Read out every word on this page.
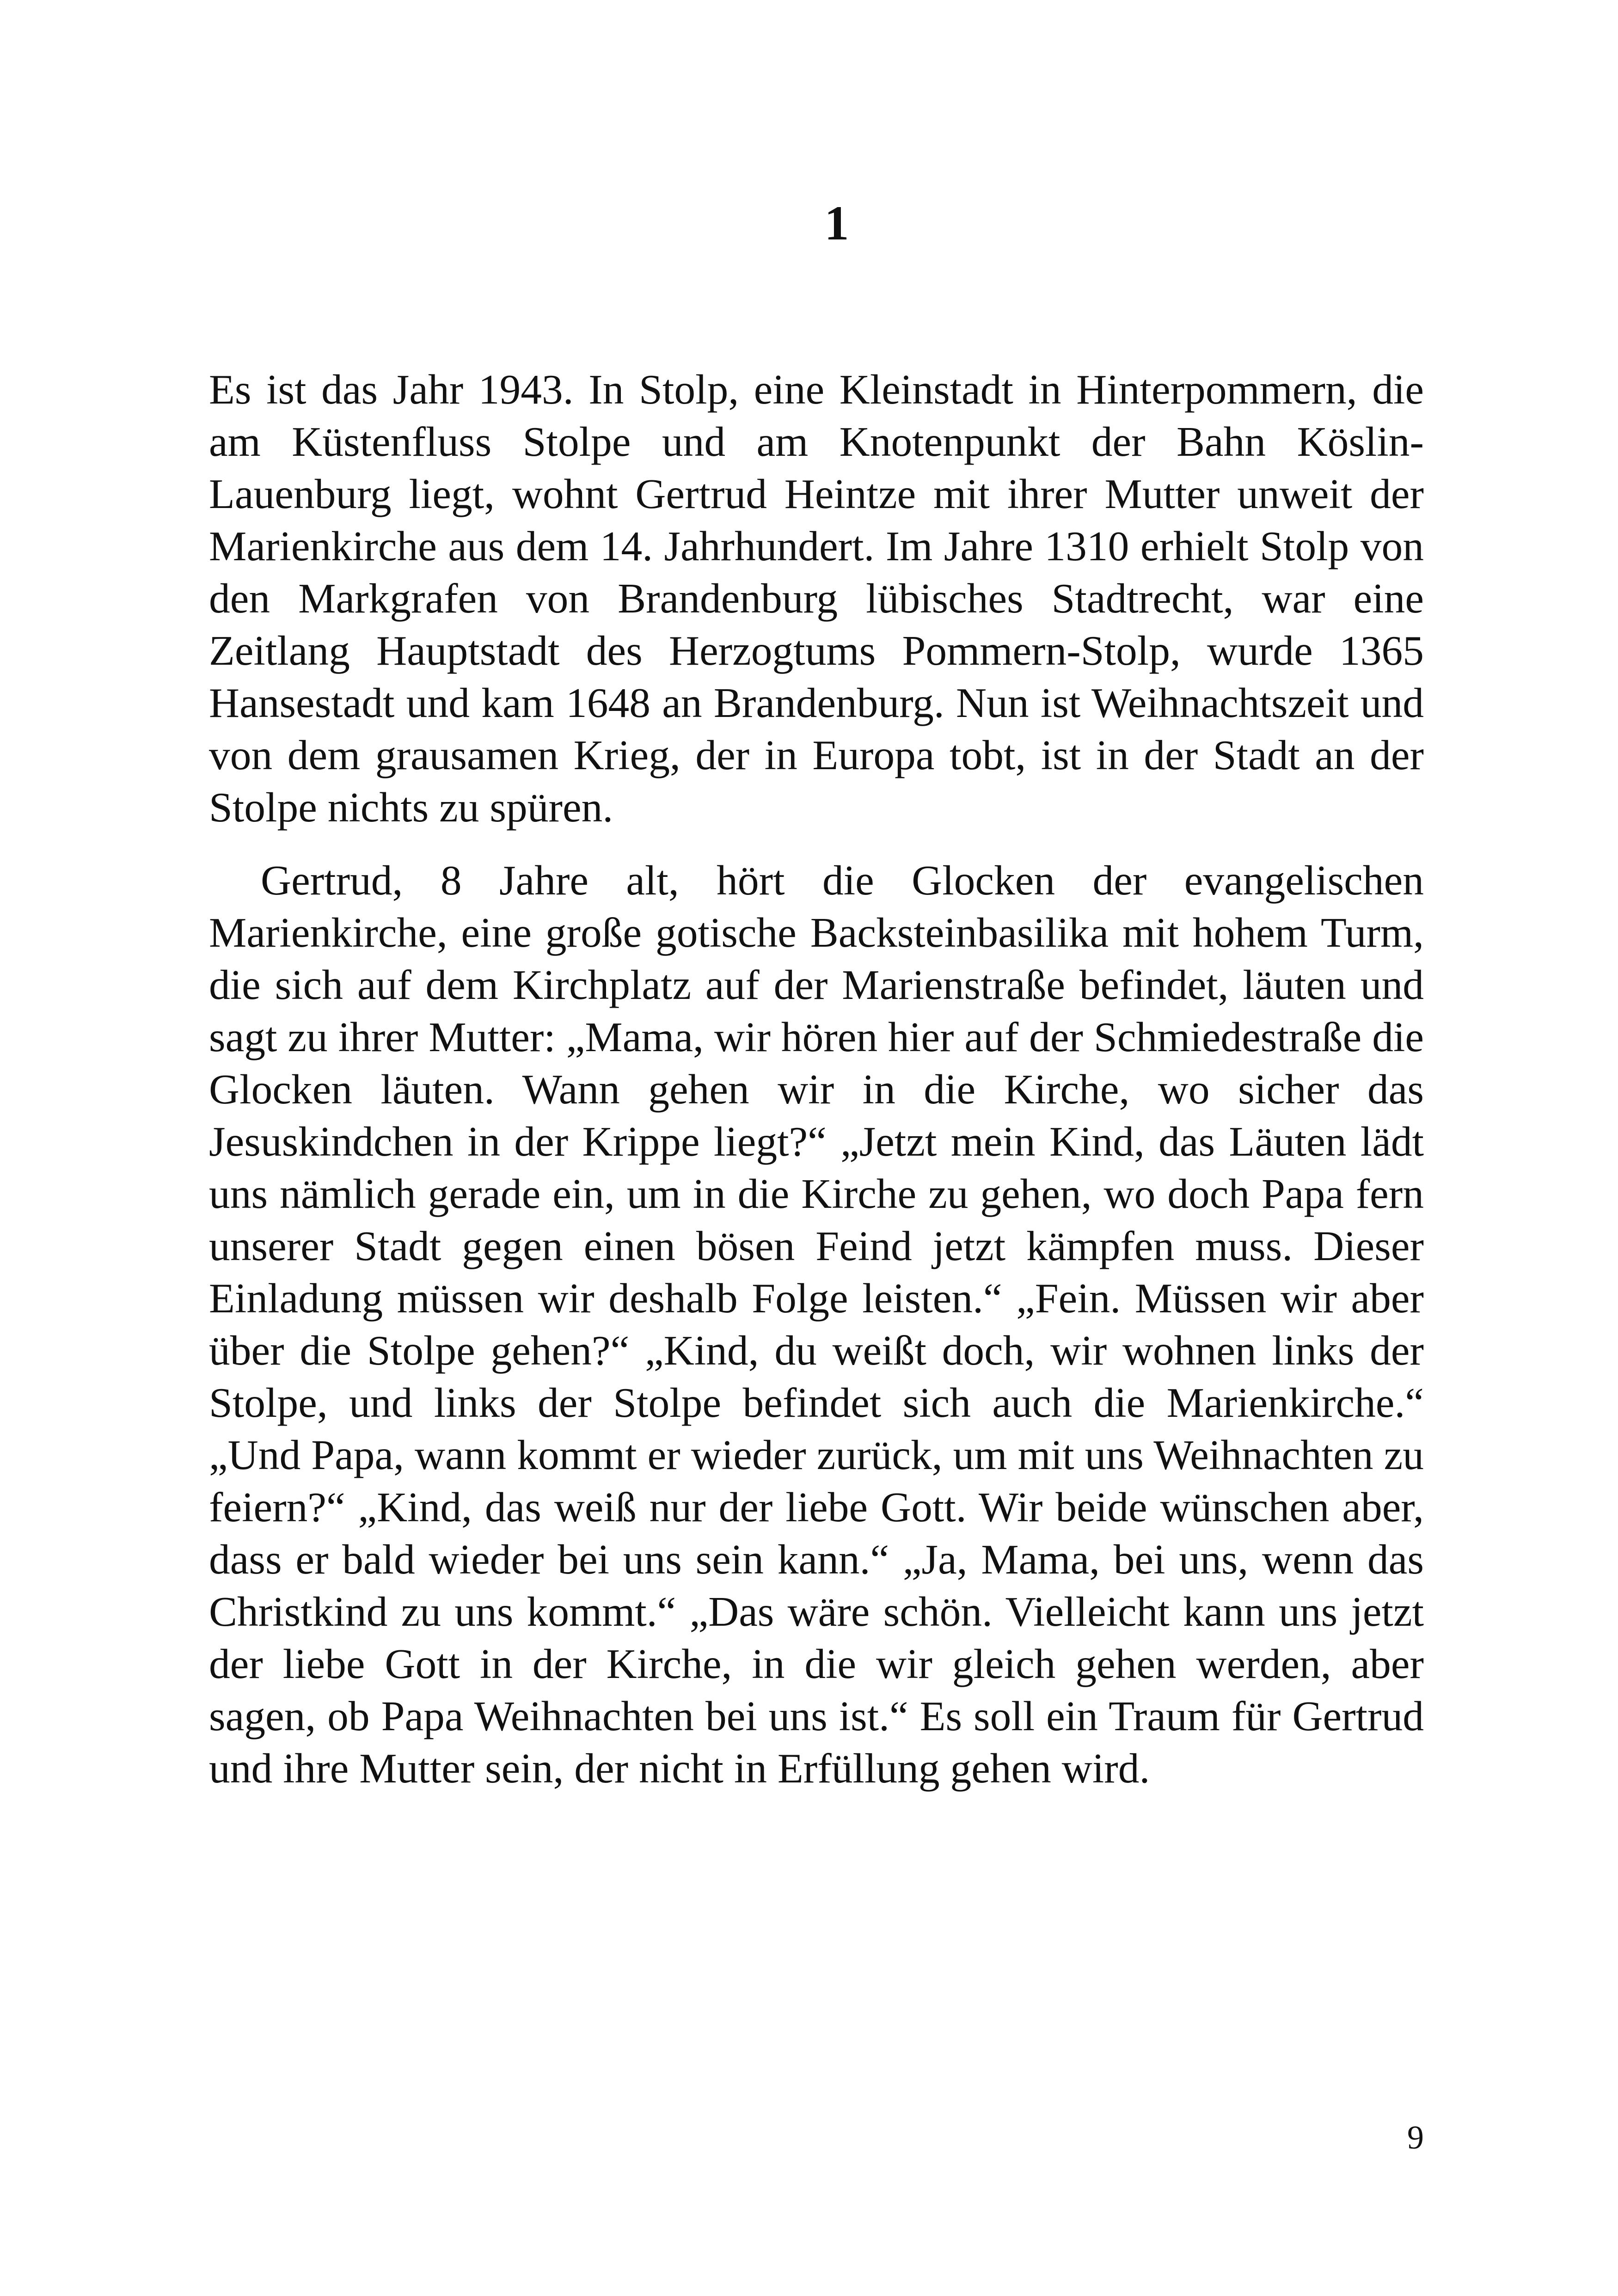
1

Es ist das Jahr 1943. In Stolp, eine Kleinstadt in Hinterpommern, die am Küstenfluss Stolpe und am Knotenpunkt der Bahn Köslin-Lauenburg liegt, wohnt Gertrud Heintze mit ihrer Mutter unweit der Marienkirche aus dem 14. Jahrhundert. Im Jahre 1310 erhielt Stolp von den Markgrafen von Brandenburg lübisches Stadtrecht, war eine Zeitlang Hauptstadt des Herzogtums Pommern-Stolp, wurde 1365 Hansestadt und kam 1648 an Brandenburg. Nun ist Weihnachtszeit und von dem grausamen Krieg, der in Europa tobt, ist in der Stadt an der Stolpe nichts zu spüren.

Gertrud, 8 Jahre alt, hört die Glocken der evangelischen Marienkirche, eine große gotische Backsteinbasilika mit hohem Turm, die sich auf dem Kirchplatz auf der Marienstraße befindet, läuten und sagt zu ihrer Mutter: „Mama, wir hören hier auf der Schmiedestraße die Glocken läuten. Wann gehen wir in die Kirche, wo sicher das Jesuskindchen in der Krippe liegt?“ „Jetzt mein Kind, das Läuten lädt uns nämlich gerade ein, um in die Kirche zu gehen, wo doch Papa fern unserer Stadt gegen einen bösen Feind jetzt kämpfen muss. Dieser Einladung müssen wir deshalb Folge leisten.“ „Fein. Müssen wir aber über die Stolpe gehen?“ „Kind, du weißt doch, wir wohnen links der Stolpe, und links der Stolpe befindet sich auch die Marienkirche.“ „Und Papa, wann kommt er wieder zurück, um mit uns Weihnachten zu feiern?“ „Kind, das weiß nur der liebe Gott. Wir beide wünschen aber, dass er bald wieder bei uns sein kann.“ „Ja, Mama, bei uns, wenn das Christkind zu uns kommt.“ „Das wäre schön. Vielleicht kann uns jetzt der liebe Gott in der Kirche, in die wir gleich gehen werden, aber sagen, ob Papa Weihnachten bei uns ist.“ Es soll ein Traum für Gertrud und ihre Mutter sein, der nicht in Erfüllung gehen wird.

9
